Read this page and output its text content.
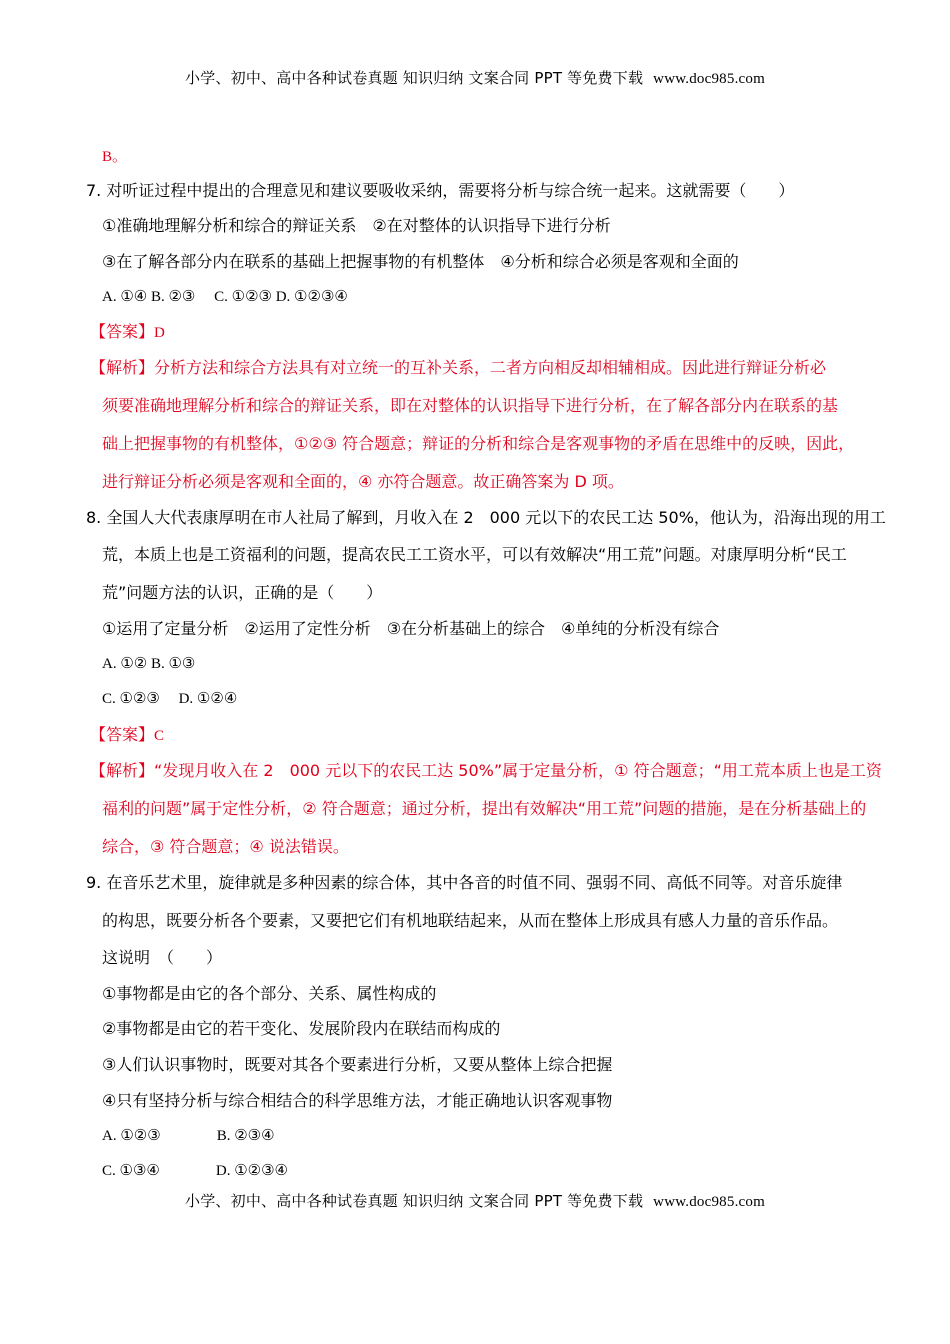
小学、初中、高中各种试卷真题 知识归纳 文案合同 PPT 等免费下载 www.doc985.com
B。
7. 对听证过程中提出的合理意见和建议要吸收采纳，需要将分析与综合统一起来。这就需要（　　）
①准确地理解分析和综合的辩证关系　②在对整体的认识指导下进行分析
③在了解各部分内在联系的基础上把握事物的有机整体　④分析和综合必须是客观和全面的
A. ①④ B. ②③　 C. ①②③ D. ①②③④
【答案】D
【解析】分析方法和综合方法具有对立统一的互补关系，二者方向相反却相辅相成。因此进行辩证分析必
须要准确地理解分析和综合的辩证关系，即在对整体的认识指导下进行分析，在了解各部分内在联系的基
础上把握事物的有机整体，①②③ 符合题意；辩证的分析和综合是客观事物的矛盾在思维中的反映，因此，
进行辩证分析必须是客观和全面的，④ 亦符合题意。故正确答案为 D 项。
8. 全国人大代表康厚明在市人社局了解到，月收入在 2　000 元以下的农民工达 50%，他认为，沿海出现的用工
荒，本质上也是工资福利的问题，提高农民工工资水平，可以有效解决“用工荒”问题。对康厚明分析“民工
荒”问题方法的认识，正确的是（　　）
①运用了定量分析　②运用了定性分析　③在分析基础上的综合　④单纯的分析没有综合
A. ①② B. ①③
C. ①②③　 D. ①②④
【答案】C
【解析】“发现月收入在 2　000 元以下的农民工达 50%”属于定量分析，① 符合题意；“用工荒本质上也是工资
福利的问题”属于定性分析，② 符合题意；通过分析，提出有效解决“用工荒”问题的措施，是在分析基础上的
综合，③ 符合题意；④ 说法错误。
9. 在音乐艺术里，旋律就是多种因素的综合体，其中各音的时值不同、强弱不同、高低不同等。对音乐旋律
的构思，既要分析各个要素，又要把它们有机地联结起来，从而在整体上形成具有感人力量的音乐作品。
这说明　（　　）
①事物都是由它的各个部分、关系、属性构成的
②事物都是由它的若干变化、发展阶段内在联结而构成的
③人们认识事物时，既要对其各个要素进行分析，又要从整体上综合把握
④只有坚持分析与综合相结合的科学思维方法，才能正确地认识客观事物
A. ①②③	B. ②③④
C. ①③④	D. ①②③④
小学、初中、高中各种试卷真题 知识归纳 文案合同 PPT 等免费下载 www.doc985.com
